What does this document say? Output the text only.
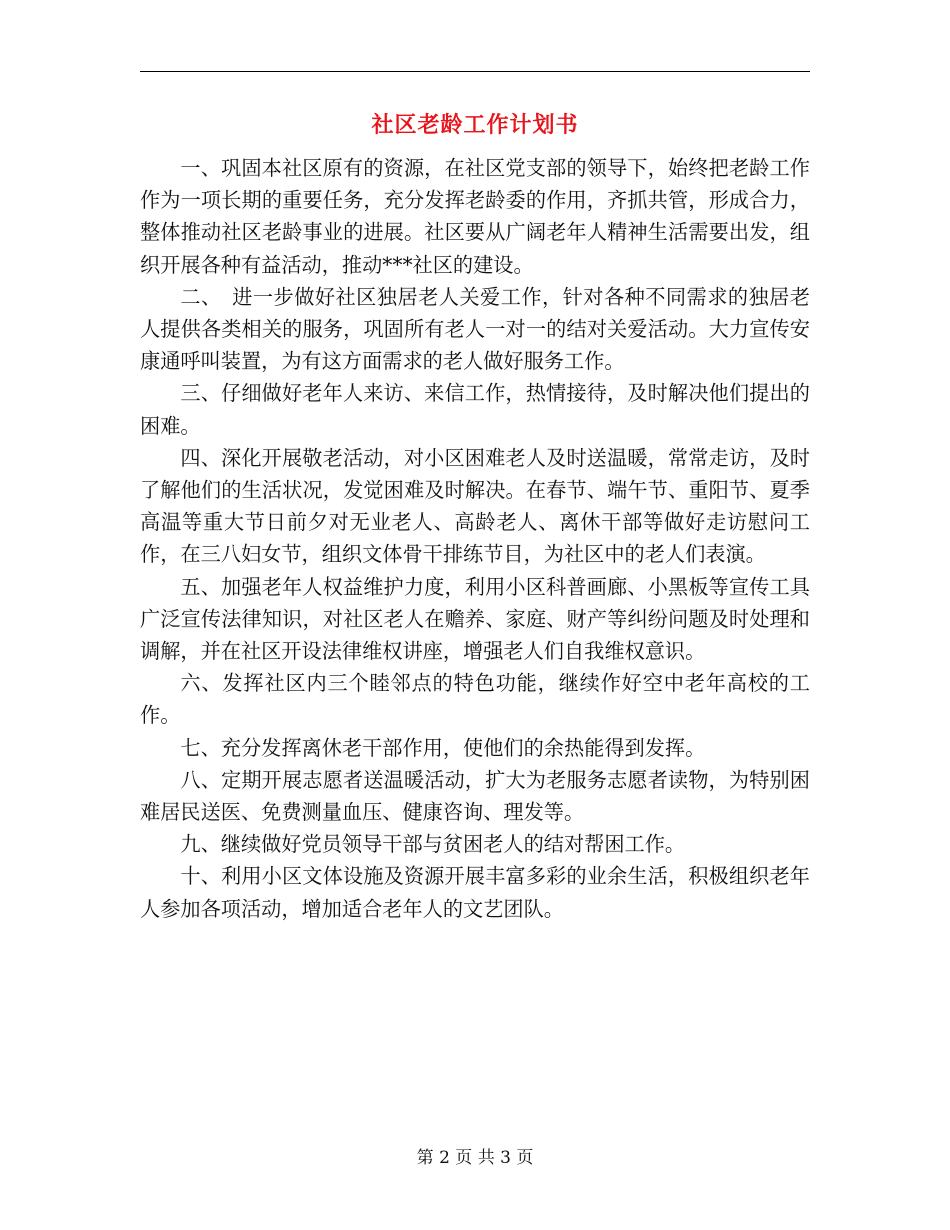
社区老龄工作计划书

一、巩固本社区原有的资源，在社区党支部的领导下，始终把老龄工作作为一项长期的重要任务，充分发挥老龄委的作用，齐抓共管，形成合力，整体推动社区老龄事业的进展。社区要从广阔老年人精神生活需要出发，组织开展各种有益活动，推动***社区的建设。

二、　进一步做好社区独居老人关爱工作，针对各种不同需求的独居老人提供各类相关的服务，巩固所有老人一对一的结对关爱活动。大力宣传安康通呼叫装置，为有这方面需求的老人做好服务工作。

三、仔细做好老年人来访、来信工作，热情接待，及时解决他们提出的困难。

四、深化开展敬老活动，对小区困难老人及时送温暖，常常走访，及时了解他们的生活状况，发觉困难及时解决。在春节、端午节、重阳节、夏季高温等重大节日前夕对无业老人、高龄老人、离休干部等做好走访慰问工作，在三八妇女节，组织文体骨干排练节目，为社区中的老人们表演。

五、加强老年人权益维护力度，利用小区科普画廊、小黑板等宣传工具广泛宣传法律知识，对社区老人在赡养、家庭、财产等纠纷问题及时处理和调解，并在社区开设法律维权讲座，增强老人们自我维权意识。

六、发挥社区内三个睦邻点的特色功能，继续作好空中老年高校的工作。

七、充分发挥离休老干部作用，使他们的余热能得到发挥。

八、定期开展志愿者送温暖活动，扩大为老服务志愿者读物，为特别困难居民送医、免费测量血压、健康咨询、理发等。

九、继续做好党员领导干部与贫困老人的结对帮困工作。

十、利用小区文体设施及资源开展丰富多彩的业余生活，积极组织老年人参加各项活动，增加适合老年人的文艺团队。

第 2 页 共 3 页
